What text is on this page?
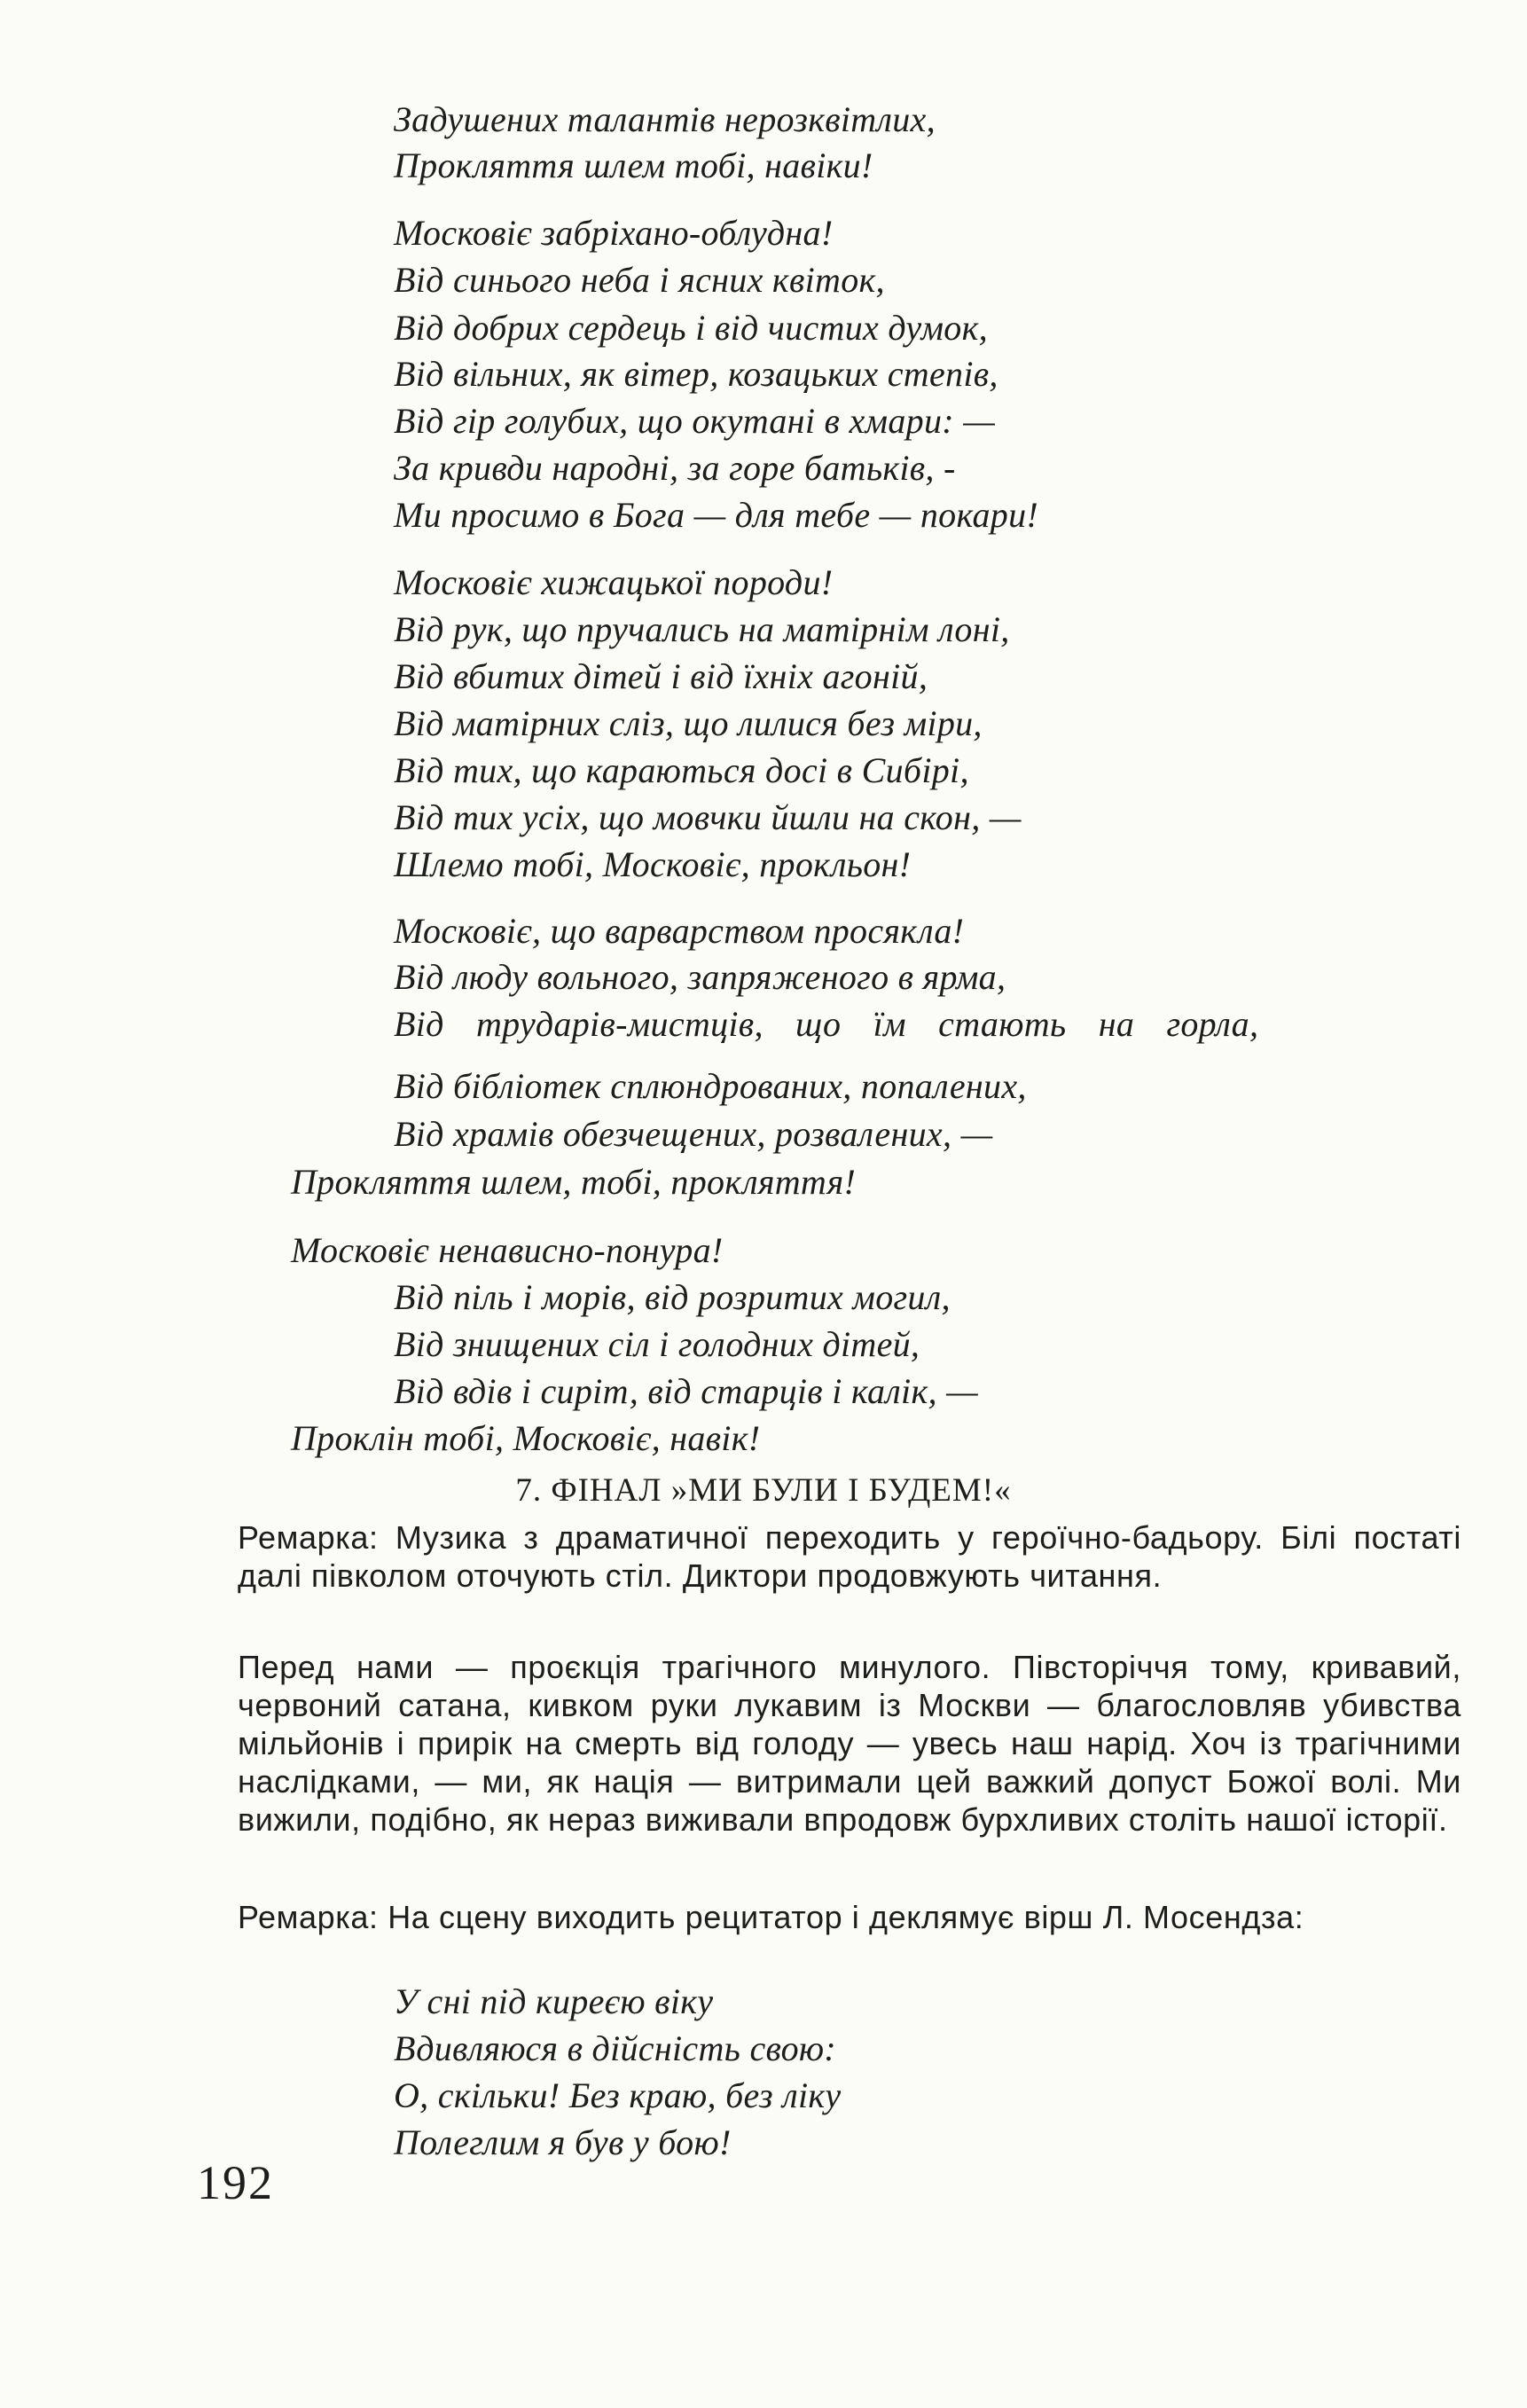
Задушених талантів нерозквітлих,
Прокляття шлем тобі, навіки!
Московіє забріхано-облудна!
Від синього неба і ясних квіток,
Від добрих сердець і від чистих думок,
Від вільних, як вітер, козацьких степів,
Від гір голубих, що окутані в хмари: —
За кривди народні, за горе батьків, -
Ми просимо в Бога — для тебе — покари!
Московіє хижацької породи!
Від рук, що пручались на матірнім лоні,
Від вбитих дітей і від їхніх агоній,
Від матірних сліз, що лилися без міри,
Від тих, що караються досі в Сибірі,
Від тих усіх, що мовчки йшли на скон, —
Шлемо тобі, Московіє, прокльон!
Московіє, що варварством просякла!
Від люду вольного, запряженого в ярма,
Від трударів-мистців, що їм стають на горла,
Від бібліотек сплюндрованих, попалених,
Від храмів обезчещених, розвалених, —
Прокляття шлем, тобі, прокляття!
Московіє ненависно-понура!
Від піль і морів, від розритих могил,
Від знищених сіл і голодних дітей,
Від вдів і сиріт, від старців і калік, —
Проклін тобі, Московіє, навік!
7. ФІНАЛ »МИ БУЛИ І БУДЕМ!«
Ремарка: Музика з драматичної переходить у героїчно-бадьору. Білі постаті далі півколом оточують стіл. Диктори продовжують читання.
Перед нами — проєкція трагічного минулого. Півсторіччя тому, кривавий, червоний сатана, кивком руки лукавим із Москви — благословляв убивства мільйонів і прирік на смерть від голоду — увесь наш нарід. Хоч із трагічними наслідками, — ми, як нація — витримали цей важкий допуст Божої волі. Ми вижили, подібно, як нераз виживали впродовж бурхливих століть нашої історії.
Ремарка: На сцену виходить рецитатор і деклямує вірш Л. Мосендза:
У сні під киреєю віку
Вдивляюся в дійсність свою:
О, скільки! Без краю, без ліку
Полеглим я був у бою!
192
